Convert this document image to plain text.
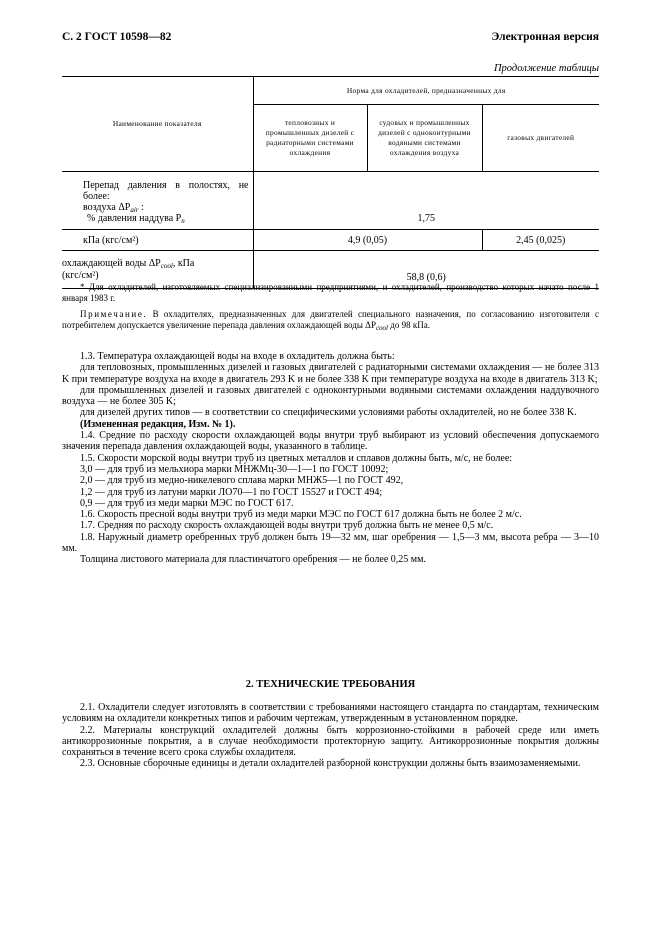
С. 2 ГОСТ 10598—82	Электронная версия
Продолжение таблицы
Наименование показателя	Норма для охладителей, предназначенных для		
	тепловозных и промышленных дизелей с радиаторными системами охлаждения	судовых и промышленных дизелей с одноконтурными водяными системами охлаждения воздуха	газовых двигателей

Перепад давления в полостях, не более:
воздуха $\Delta P_{air}$ :
% давления наддува $P_n$	1,75		
кПа (кгс/см²)	4,9 (0,05)		2,45 (0,025)

охлаждающей воды $\Delta P_{cool}$, кПа
(кгс/см²)	58,8 (0,6)		
* Для охладителей, изготовляемых специализированными предприятиями, и охладителей, производство которых начато после 1 января 1983 г.
Примечание. В охладителях, предназначенных для двигателей специального назначения, по согласованию изготовителя с потребителем допускается увеличение перепада давления охлаждающей воды $\Delta P_{cool}$ до 98 кПа.
1.3. Температура охлаждающей воды на входе в охладитель должна быть:
для тепловозных, промышленных дизелей и газовых двигателей с радиаторными системами охлаждения — не более 313 K при температуре воздуха на входе в двигатель 293 K и не более 338 K при температуре воздуха на входе в двигатель 313 K;
для промышленных дизелей и газовых двигателей с одноконтурными водяными системами охлаждения наддувочного воздуха — не более 305 K;
для дизелей других типов — в соответствии со специфическими условиями работы охладителей, но не более 338 K.
(Измененная редакция, Изм. № 1).
1.4. Средние по расходу скорости охлаждающей воды внутри труб выбирают из условий обеспечения допускаемого значения перепада давления охлаждающей воды, указанного в таблице.
1.5. Скорости морской воды внутри труб из цветных металлов и сплавов должны быть, м/с, не более:
3,0 — для труб из мельхиора марки МНЖМц-30—1—1 по ГОСТ 10092;
2,0 — для труб из медно-никелевого сплава марки МНЖ5—1 по ГОСТ 492,
1,2 — для труб из латуни марки ЛО70—1 по ГОСТ 15527 и ГОСТ 494;
0,9 — для труб из меди марки МЭС по ГОСТ 617.
1.6. Скорость пресной воды внутри труб из меди марки МЭС по ГОСТ 617 должна быть не более 2 м/с.
1.7. Средняя по расходу скорость охлаждающей воды внутри труб должна быть не менее 0,5 м/с.
1.8. Наружный диаметр оребренных труб должен быть 19—32 мм, шаг оребрения — 1,5—3 мм, высота ребра — 3—10 мм.
Толщина листового материала для пластинчатого оребрения — не более 0,25 мм.
2. ТЕХНИЧЕСКИЕ ТРЕБОВАНИЯ
2.1. Охладители следует изготовлять в соответствии с требованиями настоящего стандарта по стандартам, техническим условиям на охладители конкретных типов и рабочим чертежам, утвержденным в установленном порядке.
2.2. Материалы конструкций охладителей должны быть коррозионно-стойкими в рабочей среде или иметь антикоррозионные покрытия, а в случае необходимости протекторную защиту. Антикоррозионные покрытия должны сохраняться в течение всего срока службы охладителя.
2.3. Основные сборочные единицы и детали охладителей разборной конструкции должны быть взаимозаменяемыми.
